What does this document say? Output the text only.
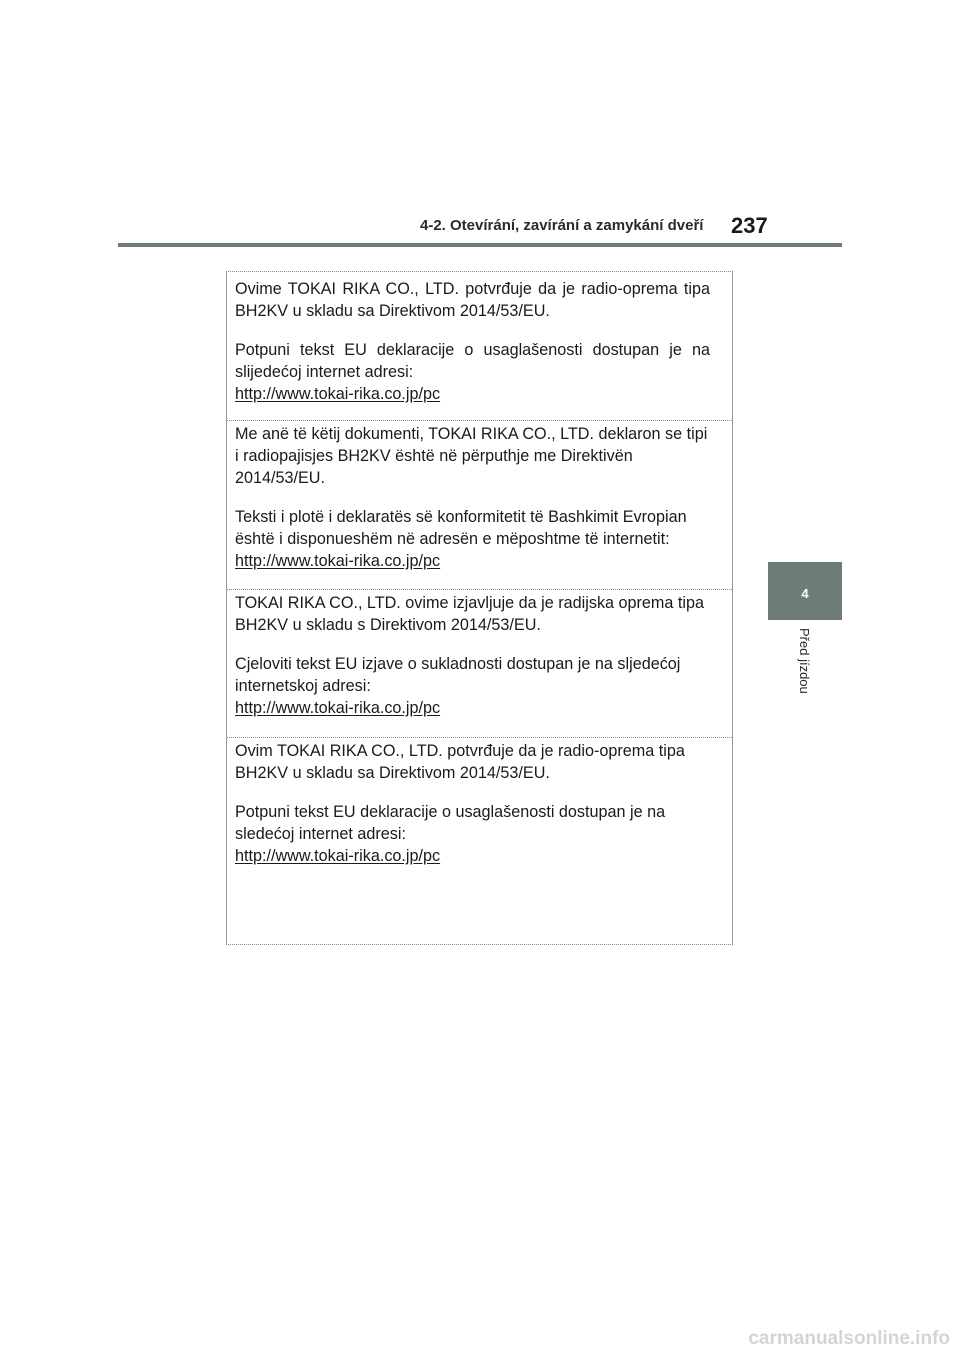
4-2. Otevírání, zavírání a zamykání dveří 237
4
Před jízdou

Ovime TOKAI RIKA CO., LTD. potvrđuje da je radio-oprema tipa BH2KV u skladu sa Direktivom 2014/53/EU.

Potpuni tekst EU deklaracije o usaglašenosti dostupan je na slijedećoj internet adresi:

http://www.tokai-rika.co.jp/pc

Me anë të këtij dokumenti, TOKAI RIKA CO., LTD. deklaron se tipi i radiopajisjes BH2KV është në përputhje me Direktivën 2014/53/EU.

Teksti i plotë i deklaratës së konformitetit të Bashkimit Evropian është i disponueshëm në adresën e mëposhtme të internetit:

http://www.tokai-rika.co.jp/pc

TOKAI RIKA CO., LTD. ovime izjavljuje da je radijska oprema tipa BH2KV u skladu s Direktivom 2014/53/EU.

Cjeloviti tekst EU izjave o sukladnosti dostupan je na sljedećoj internetskoj adresi:

http://www.tokai-rika.co.jp/pc

Ovim TOKAI RIKA CO., LTD. potvrđuje da je radio-oprema tipa BH2KV u skladu sa Direktivom 2014/53/EU.

Potpuni tekst EU deklaracije o usaglašenosti dostupan je na sledećoj internet adresi:

http://www.tokai-rika.co.jp/pc

carmanualsonline.info
